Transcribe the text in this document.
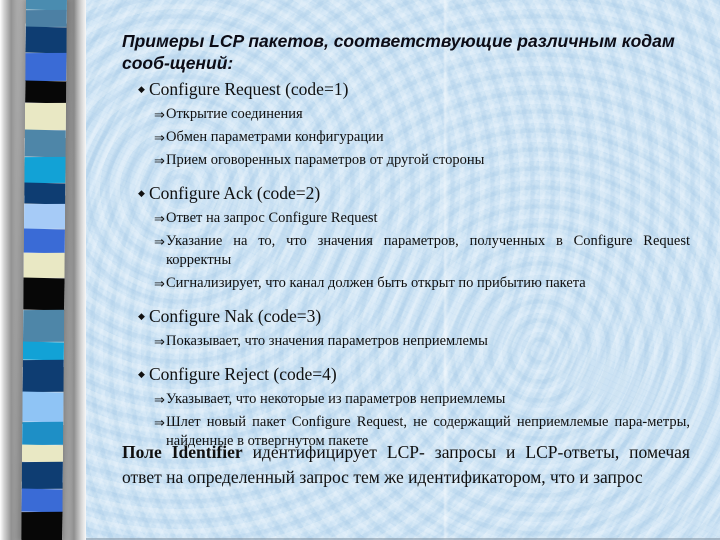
Примеры LCP пакетов, соответствующие различным кодам сооб-щений:
◆ Configure Request (code=1)
⇒ Открытие соединения
⇒ Обмен параметрами конфигурации
⇒ Прием оговоренных параметров от другой стороны
◆ Configure Ack (code=2)
⇒ Ответ на запрос Configure Request
⇒ Указание на то, что значения параметров, полученных в Configure Request корректны
⇒ Сигнализирует, что канал должен быть открыт по прибытию пакета
◆ Configure Nak (code=3)
⇒ Показывает, что значения параметров неприемлемы
◆ Configure Reject (code=4)
⇒ Указывает, что некоторые из параметров неприемлемы
⇒ Шлет новый пакет Configure Request, не содержащий неприемлемые пара-метры, найденные в отвергнутом пакете
Поле Identifier идентифицирует LCP- запросы и LCP-ответы, помечая ответ на определенный запрос тем же идентификатором, что и запрос
